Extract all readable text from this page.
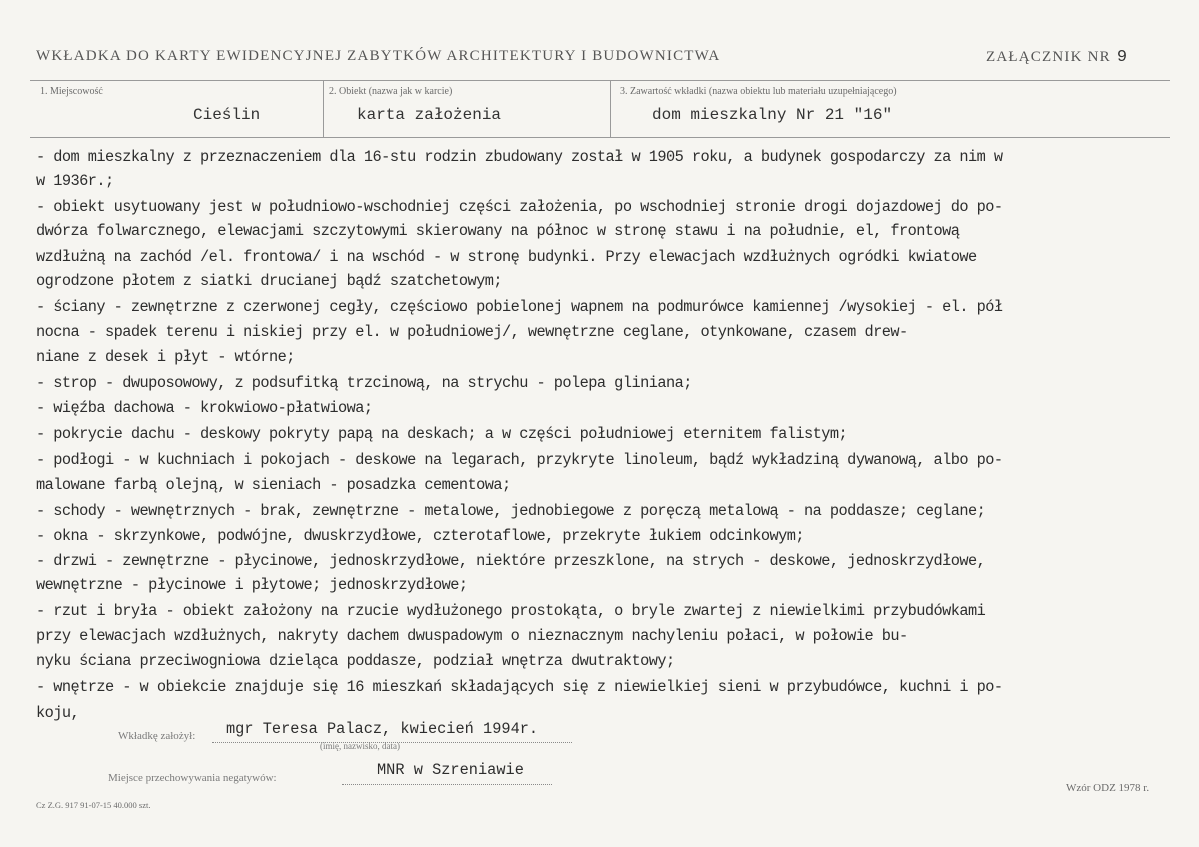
WKŁADKA DO KARTY EWIDENCYJNEJ ZABYTKÓW ARCHITEKTURY I BUDOWNICTWA	ZAŁĄCZNIK NR 9
1. Miejscowość
Cieślin
2. Obiekt (nazwa jak w karcie)
karta założenia
3. Zawartość wkładki (nazwa obiektu lub materiału uzupełniającego)
dom mieszkalny Nr 21 "16"
- dom mieszkalny z przeznaczeniem dla 16-stu rodzin zbudowany został w 1905 roku, a budynek gospodarczy za nim w
w 1936r.;
- obiekt usytuowany jest w południowo-wschodniej części założenia, po wschodniej stronie drogi dojazdowej do po-
dwórza folwarcznego, elewacjami szczytowymi skierowany na północ w stronę stawu i na południe, el, frontową
wzdłużną na zachód /el. frontowa/ i na wschód - w stronę budynki. Przy elewacjach wzdłużnych ogródki kwiatowe
ogrodzone płotem z siatki drucianej bądź szatchetowym;
- ściany - zewnętrzne z czerwonej cegły, częściowo pobielonej wapnem na podmurówce kamiennej /wysokiej - el. pół
nocna - spadek terenu i niskiej przy el. w południowej/, wewnętrzne ceglane, otynkowane, czasem drew-
niane z desek i płyt - wtórne;
- strop - dwuposowowy, z podsufitką trzcinową, na strychu - polepa gliniana;
- więźba dachowa - krokwiowo-płatwiowa;
- pokrycie dachu - deskowy pokryty papą na deskach; a w części południowej eternitem falistym;
- podłogi - w kuchniach i pokojach - deskowe na legarach, przykryte linoleum, bądź wykładziną dywanową, albo po-
malowane farbą olejną, w sieniach - posadzka cementowa;
- schody - wewnętrznych - brak, zewnętrzne - metalowe, jednobiegowe z poręczą metalową - na poddasze; ceglane;
- okna - skrzynkowe, podwójne, dwuskrzydłowe, czterotaflowe, przekryte łukiem odcinkowym;
- drzwi - zewnętrzne - płycinowe, jednoskrzydłowe, niektóre przeszklone, na strych - deskowe, jednoskrzydłowe,
wewnętrzne - płycinowe i płytowe; jednoskrzydłowe;
- rzut i bryła - obiekt założony na rzucie wydłużonego prostokąta, o bryle zwartej z niewielkimi przybudówkami
przy elewacjach wzdłużnych, nakryty dachem dwuspadowym o nieznacznym nachyleniu połaci, w połowie bu-
nyku ściana przeciwogniowa dzieląca poddasze, podział wnętrza dwutraktowy;
- wnętrze - w obiekcie znajduje się 16 mieszkań składających się z niewielkiej sieni w przybudówce, kuchni i po-
koju,
Wkładkę założył: mgr Teresa Palacz, kwiecień 1994r.
(imię, nazwisko, data)
Miejsce przechowywania negatywów:	MNR w Szreniawie
Cz Z.G. 917 91-07-15 40.000 szt.
Wzór ODZ 1978 r.
